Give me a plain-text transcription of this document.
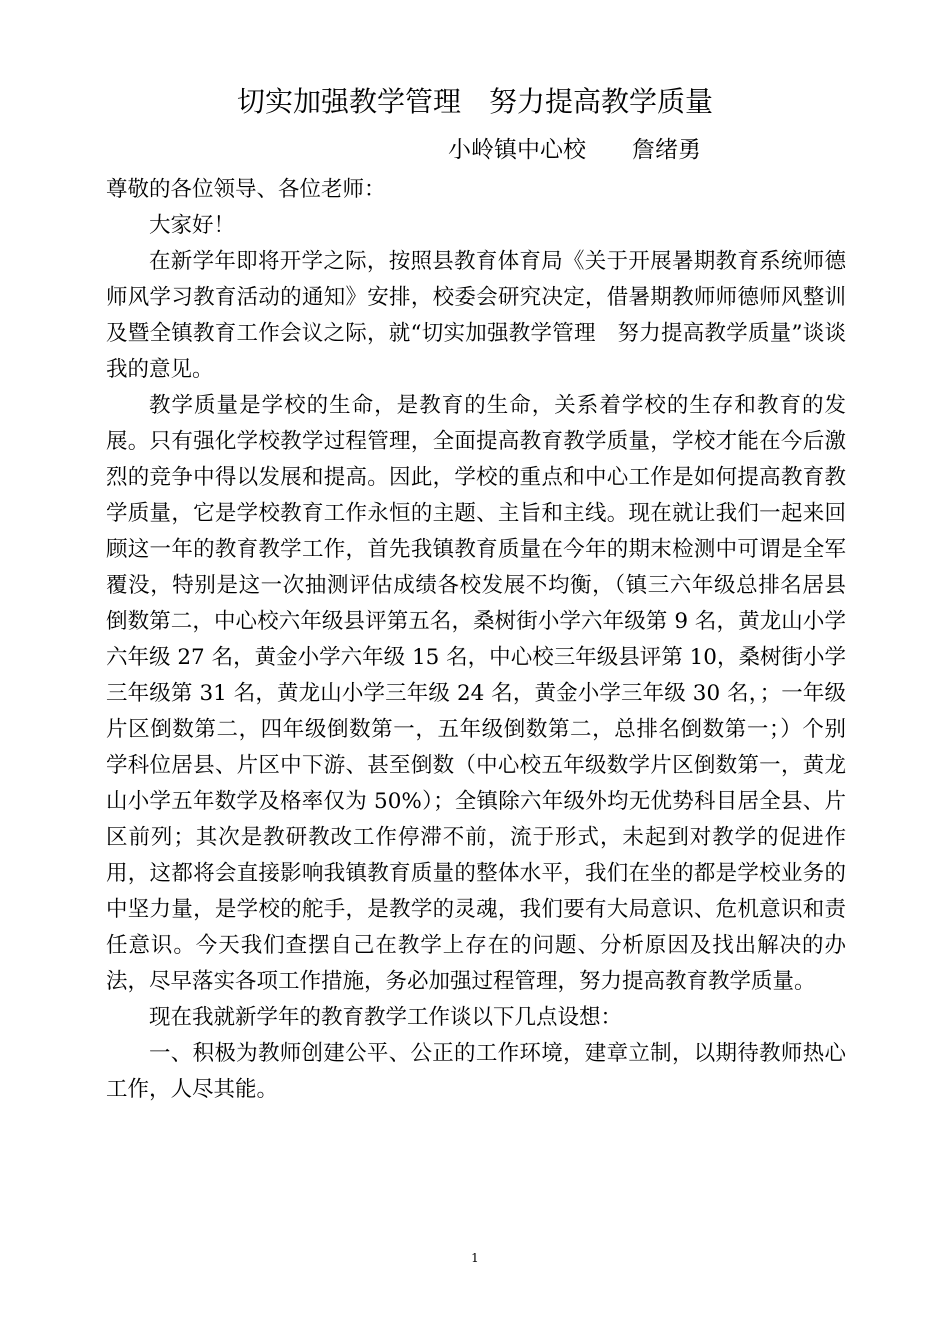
切实加强教学管理　努力提高教学质量
小岭镇中心校　　詹绪勇

尊敬的各位领导、各位老师：

大家好！

在新学年即将开学之际，按照县教育体育局《关于开展暑期教育系统师德师风学习教育活动的通知》安排，校委会研究决定，借暑期教师师德师风整训及暨全镇教育工作会议之际，就“切实加强教学管理　努力提高教学质量”谈谈我的意见。

教学质量是学校的生命，是教育的生命，关系着学校的生存和教育的发展。只有强化学校教学过程管理，全面提高教育教学质量，学校才能在今后激烈的竞争中得以发展和提高。因此，学校的重点和中心工作是如何提高教育教学质量，它是学校教育工作永恒的主题、主旨和主线。现在就让我们一起来回顾这一年的教育教学工作，首先我镇教育质量在今年的期末检测中可谓是全军覆没，特别是这一次抽测评估成绩各校发展不均衡，（镇三六年级总排名居县倒数第二，中心校六年级县评第五名，桑树街小学六年级第 9 名，黄龙山小学六年级 27 名，黄金小学六年级 15 名，中心校三年级县评第 10，桑树街小学三年级第 31 名，黄龙山小学三年级 24 名，黄金小学三年级 30 名，；一年级片区倒数第二，四年级倒数第一，五年级倒数第二，总排名倒数第一；）个别学科位居县、片区中下游、甚至倒数（中心校五年级数学片区倒数第一，黄龙山小学五年数学及格率仅为 50%）；全镇除六年级外均无优势科目居全县、片区前列；其次是教研教改工作停滞不前，流于形式，未起到对教学的促进作用，这都将会直接影响我镇教育质量的整体水平，我们在坐的都是学校业务的中坚力量，是学校的舵手，是教学的灵魂，我们要有大局意识、危机意识和责任意识。今天我们查摆自己在教学上存在的问题、分析原因及找出解决的办法，尽早落实各项工作措施，务必加强过程管理，努力提高教育教学质量。

现在我就新学年的教育教学工作谈以下几点设想：

一、积极为教师创建公平、公正的工作环境，建章立制，以期待教师热心工作，人尽其能。

1
